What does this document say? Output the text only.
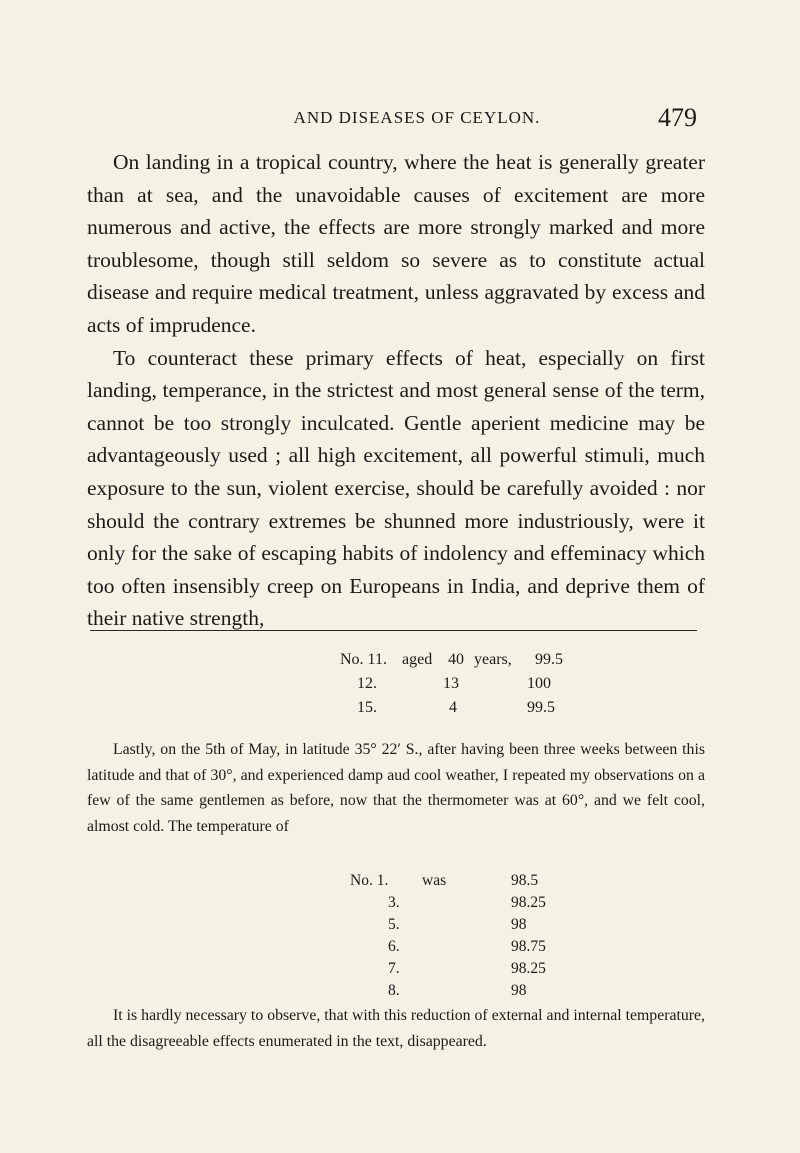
AND DISEASES OF CEYLON.	479

On landing in a tropical country, where the heat is generally greater than at sea, and the unavoidable causes of excitement are more numerous and active, the effects are more strongly marked and more troublesome, though still seldom so severe as to constitute actual disease and require medical treatment, unless aggravated by excess and acts of imprudence.

To counteract these primary effects of heat, especially on first landing, temperance, in the strictest and most general sense of the term, cannot be too strongly inculcated. Gentle aperient medicine may be advantageously used ; all high excitement, all powerful stimuli, much exposure to the sun, violent exercise, should be carefully avoided : nor should the contrary extremes be shunned more industriously, were it only for the sake of escaping habits of indolency and effeminacy which too often insensibly creep on Europeans in India, and deprive them of their native strength,

No. 11. aged 40 years, 99.5
12.	13	100
15.	4	99.5

Lastly, on the 5th of May, in latitude 35° 22′ S., after having been three weeks between this latitude and that of 30°, and experienced damp aud cool weather, I repeated my observations on a few of the same gentlemen as before, now that the thermometer was at 60°, and we felt cool, almost cold. The temperature of

No. 1. was	98.5
3.	98.25
5.	98
6.	98.75
7.	98.25
8.	98

It is hardly necessary to observe, that with this reduction of external and internal temperature, all the disagreeable effects enumerated in the text, disappeared.
